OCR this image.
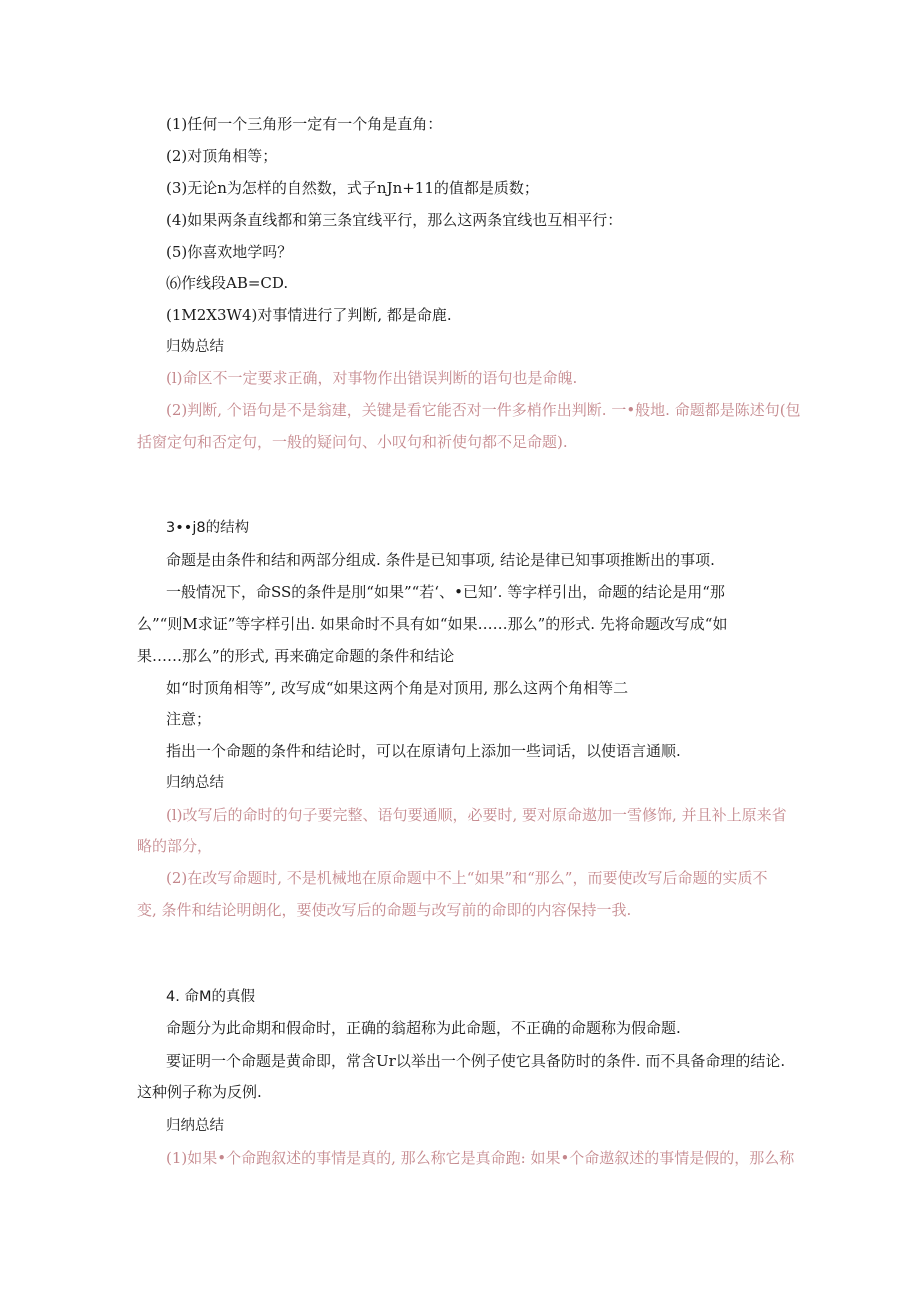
(1)任何一个三角形一定有一个角是直角：
(2)对顶角相等；
(3)无论n为怎样的自然数，式子nJn+11的值都是质数；
(4)如果两条直线都和第三条宜线平行，那么这两条宜线也互相平行：
(5)你喜欢地学吗？
⑹作线段AB=CD.
(1M2X3W4)对事情进行了判断, 都是命鹿.
归妫总结
(l)命区不一定要求正确，对事物作出错误判断的语句也是命魄.
(2)判断, 个语句是不是翁建，关键是看它能否对一件多梢作出判断. 一•般地. 命题都是陈述句(包
括窗定句和否定句，一般的疑问句、小叹句和祈使句都不足命题).
3••j8的结构
命题是由条件和结和两部分组成. 条件是已知事项, 结论是律已知事项推断出的事项.
一般情况下，命SS的条件是刖“如果”“若‘、•已知’. 等字样引出，命题的结论是用“那
么”“则M求证”等字样引出. 如果命时不具有如“如果……那么”的形式. 先将命题改写成“如
果……那么”的形式, 再来确定命题的条件和结论
如“时顶角相等”, 改写成“如果这两个角是对顶用, 那么这两个角相等二
注意；
指出一个命题的条件和结论时，可以在原请句上添加一些词话，以使语言通顺.
归纳总结
(l)改写后的命时的句子要完整、语句要通顺，必要时, 要对原命遨加一雪修饰, 并且补上原来省
略的部分，
(2)在改写命题时, 不是机械地在原命题中不上“如果”和“那么”，而要使改写后命题的实质不
变, 条件和结论明朗化，要使改写后的命题与改写前的命即的内容保持一我.
4. 命M的真假
命题分为此命期和假命时，正确的翁超称为此命题，不正确的命题称为假命题.
要证明一个命题是黄命即，常含Ur以举出一个例子使它具备防时的条件. 而不具备命理的结论.
这种例子称为反例.
归纳总结
(1)如果•个命跑叙述的事情是真的, 那么称它是真命跑: 如果•个命遨叙述的事情是假的，那么称
